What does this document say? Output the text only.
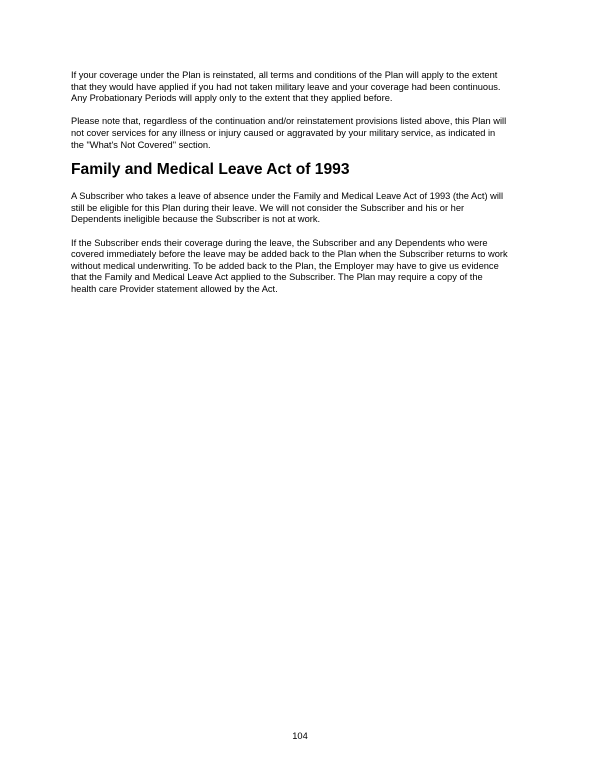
If your coverage under the Plan is reinstated, all terms and conditions of the Plan will apply to the extent
that they would have applied if you had not taken military leave and your coverage had been continuous.
Any Probationary Periods will apply only to the extent that they applied before.

Please note that, regardless of the continuation and/or reinstatement provisions listed above, this Plan will
not cover services for any illness or injury caused or aggravated by your military service, as indicated in
the "What's Not Covered" section.

Family and Medical Leave Act of 1993

A Subscriber who takes a leave of absence under the Family and Medical Leave Act of 1993 (the Act) will
still be eligible for this Plan during their leave. We will not consider the Subscriber and his or her
Dependents ineligible because the Subscriber is not at work.

If the Subscriber ends their coverage during the leave, the Subscriber and any Dependents who were
covered immediately before the leave may be added back to the Plan when the Subscriber returns to work
without medical underwriting. To be added back to the Plan, the Employer may have to give us evidence
that the Family and Medical Leave Act applied to the Subscriber. The Plan may require a copy of the
health care Provider statement allowed by the Act.

104
